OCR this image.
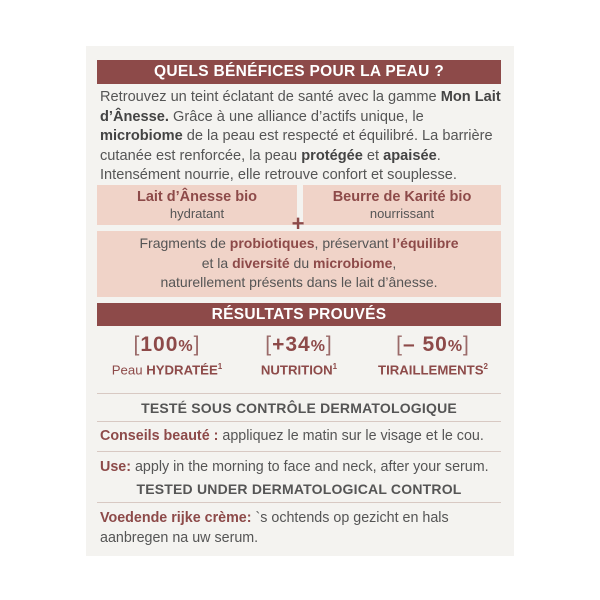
QUELS BÉNÉFICES POUR LA PEAU ?
Retrouvez un teint éclatant de santé avec la gamme Mon Lait d’Ânesse. Grâce à une alliance d’actifs unique, le microbiome de la peau est respecté et équilibré. La barrière cutanée est renforcée, la peau protégée et apaisée. Intensément nourrie, elle retrouve confort et souplesse.
Lait d’Ânesse bio
hydratant
Beurre de Karité bio
nourrissant
Fragments de probiotiques, préservant l’équilibre
et la diversité du microbiome,
naturellement présents dans le lait d’ânesse.
+
RÉSULTATS PROUVÉS
[100%]
Peau HYDRATÉE$^1$
[+34%]
NUTRITION$^1$
[– 50%]
TIRAILLEMENTS$^2$
TESTÉ SOUS CONTRÔLE DERMATOLOGIQUE
Conseils beauté : appliquez le matin sur le visage et le cou.
Use: apply in the morning to face and neck, after your serum.
TESTED UNDER DERMATOLOGICAL CONTROL
Voedende rijke crème: `s ochtends op gezicht en hals aanbregen na uw serum.
